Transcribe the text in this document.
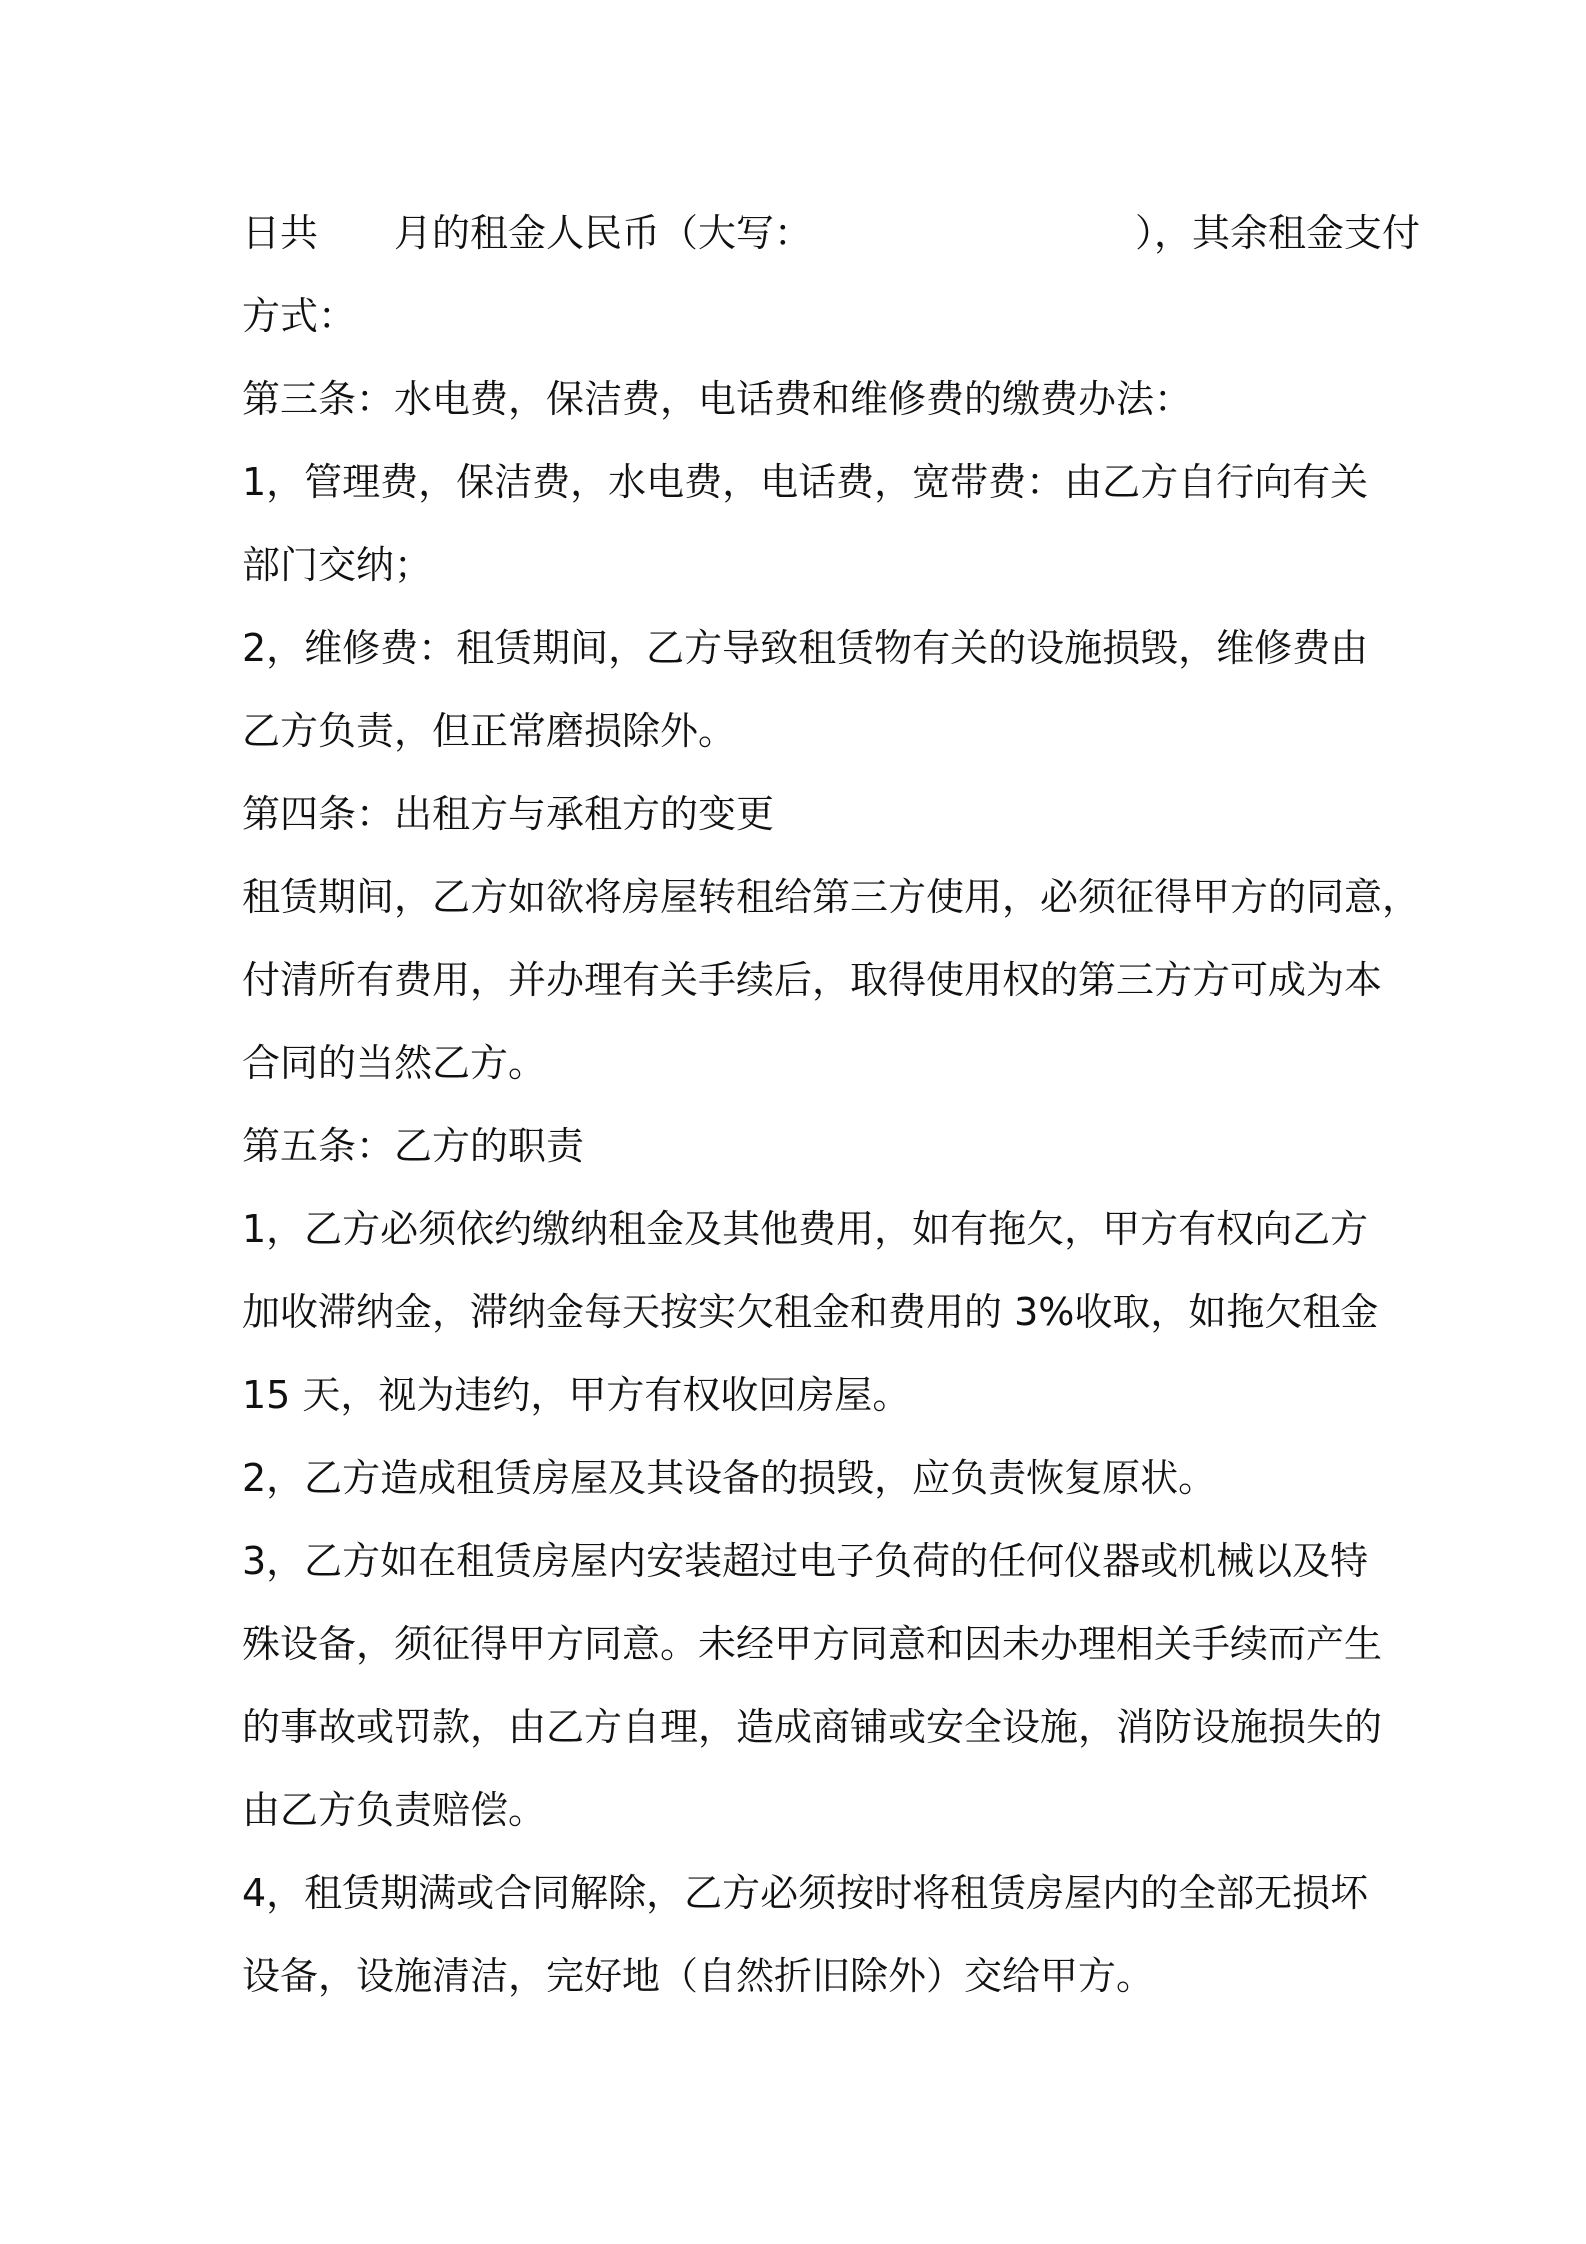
日共　　月的租金人民币（大写：　　　　　　　　　），其余租金支付

方式：

第三条：水电费，保洁费，电话费和维修费的缴费办法：

1，管理费，保洁费，水电费，电话费，宽带费：由乙方自行向有关

部门交纳；

2，维修费：租赁期间，乙方导致租赁物有关的设施损毁，维修费由

乙方负责，但正常磨损除外。

第四条：出租方与承租方的变更

租赁期间，乙方如欲将房屋转租给第三方使用，必须征得甲方的同意，

付清所有费用，并办理有关手续后，取得使用权的第三方方可成为本

合同的当然乙方。

第五条：乙方的职责

1，乙方必须依约缴纳租金及其他费用，如有拖欠，甲方有权向乙方

加收滞纳金，滞纳金每天按实欠租金和费用的 3%收取，如拖欠租金

15 天，视为违约，甲方有权收回房屋。

2，乙方造成租赁房屋及其设备的损毁，应负责恢复原状。

3，乙方如在租赁房屋内安装超过电子负荷的任何仪器或机械以及特

殊设备，须征得甲方同意。未经甲方同意和因未办理相关手续而产生

的事故或罚款，由乙方自理，造成商铺或安全设施，消防设施损失的

由乙方负责赔偿。

4，租赁期满或合同解除，乙方必须按时将租赁房屋内的全部无损坏

设备，设施清洁，完好地（自然折旧除外）交给甲方。
